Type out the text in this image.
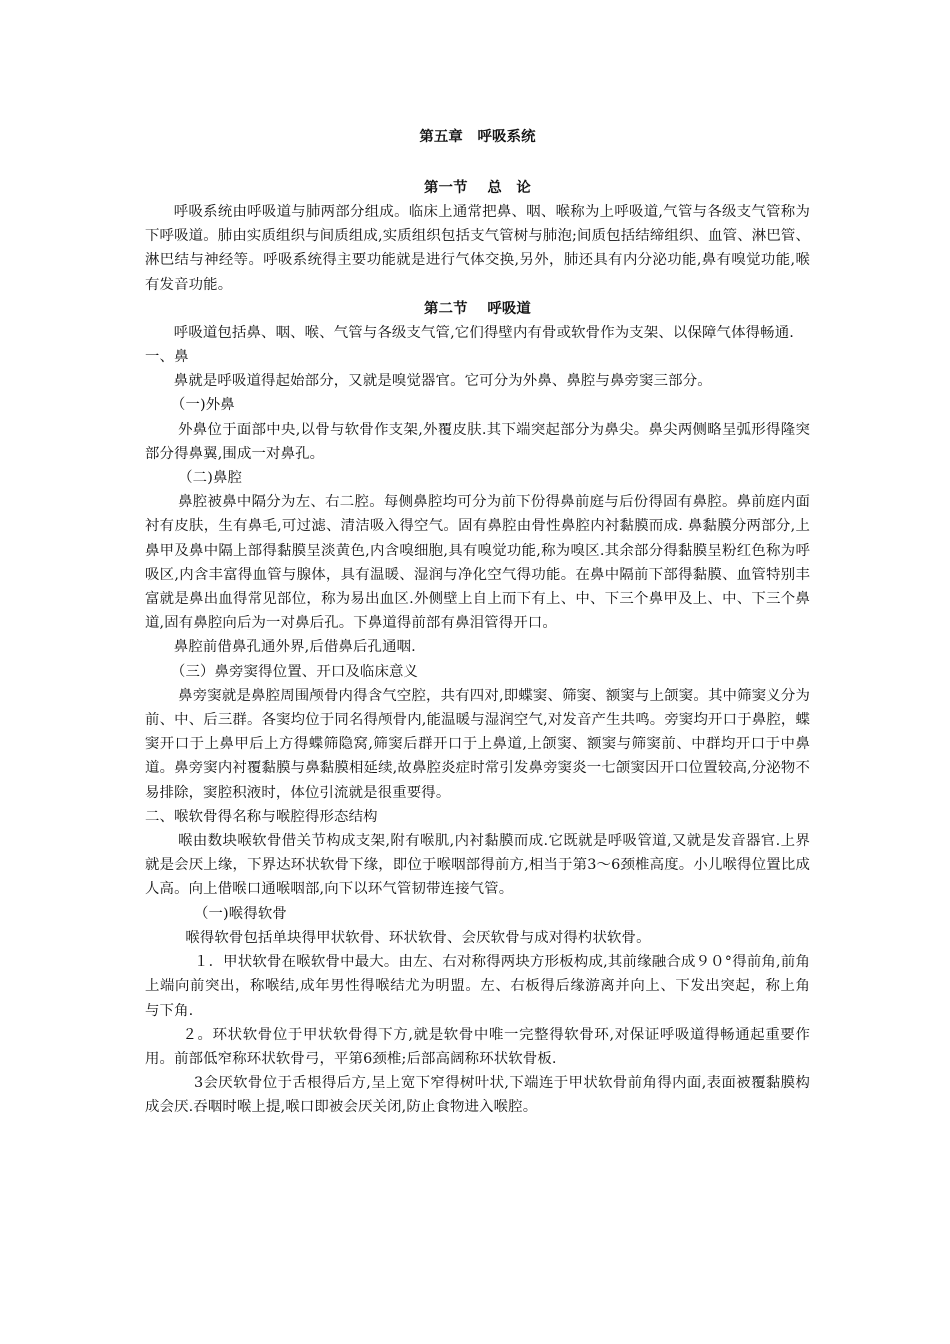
第五章　呼吸系统
第一节　 总　论

呼吸系统由呼吸道与肺两部分组成。临床上通常把鼻、咽、喉称为上呼吸道,气管与各级支气管称为下呼吸道。肺由实质组织与间质组成,实质组织包括支气管树与肺泡;间质包括结缔组织、血管、淋巴管、淋巴结与神经等。呼吸系统得主要功能就是进行气体交换,另外，肺还具有内分泌功能,鼻有嗅觉功能,喉有发音功能。

第二节　 呼吸道

呼吸道包括鼻、咽、喉、气管与各级支气管,它们得壁内有骨或软骨作为支架、以保障气体得畅通.

一、鼻

鼻就是呼吸道得起始部分，又就是嗅觉器官。它可分为外鼻、鼻腔与鼻旁窦三部分。

（一)外鼻

外鼻位于面部中央,以骨与软骨作支架,外覆皮肤.其下端突起部分为鼻尖。鼻尖两侧略呈弧形得隆突部分得鼻翼,围成一对鼻孔。

（二)鼻腔

鼻腔被鼻中隔分为左、右二腔。每侧鼻腔均可分为前下份得鼻前庭与后份得固有鼻腔。鼻前庭内面衬有皮肤，生有鼻毛,可过滤、清洁吸入得空气。固有鼻腔由骨性鼻腔内衬黏膜而成. 鼻黏膜分两部分,上鼻甲及鼻中隔上部得黏膜呈淡黄色,内含嗅细胞,具有嗅觉功能,称为嗅区.其余部分得黏膜呈粉红色称为呼吸区,内含丰富得血管与腺体，具有温暖、湿润与净化空气得功能。在鼻中隔前下部得黏膜、血管特别丰富就是鼻出血得常见部位，称为易出血区.外侧壁上自上而下有上、中、下三个鼻甲及上、中、下三个鼻道,固有鼻腔向后为一对鼻后孔。下鼻道得前部有鼻泪管得开口。

鼻腔前借鼻孔通外界,后借鼻后孔通咽.

（三）鼻旁窦得位置、开口及临床意义

鼻旁窦就是鼻腔周围颅骨内得含气空腔，共有四对,即蝶窦、筛窦、额窦与上颌窦。其中筛窦义分为前、中、后三群。各窦均位于同名得颅骨内,能温暖与湿润空气,对发音产生共鸣。旁窦均开口于鼻腔，蝶窦开口于上鼻甲后上方得蝶筛隐窝,筛窦后群开口于上鼻道,上颌窦、额窦与筛窦前、中群均开口于中鼻道。鼻旁窦内衬覆黏膜与鼻黏膜相延续,故鼻腔炎症时常引发鼻旁窦炎一七颌窦因开口位置较高,分泌物不易排除，窦腔积液时，体位引流就是很重要得。

二、喉软骨得名称与喉腔得形态结构

喉由数块喉软骨借关节构成支架,附有喉肌,内衬黏膜而成.它既就是呼吸管道,又就是发音器官.上界就是会厌上缘，下界达环状软骨下缘，即位于喉咽部得前方,相当于第3～6颈椎高度。小儿喉得位置比成人高。向上借喉口通喉咽部,向下以环气管韧带连接气管。

（一)喉得软骨

喉得软骨包括单块得甲状软骨、环状软骨、会厌软骨与成对得杓状软骨。

１．甲状软骨在喉软骨中最大。由左、右对称得两块方形板构成,其前缘融合成９０°得前角,前角上端向前突出，称喉结,成年男性得喉结尤为明盟。左、右板得后缘游离并向上、下发出突起，称上角　与下角.

２。环状软骨位于甲状软骨得下方,就是软骨中唯一完整得软骨环,对保证呼吸道得畅通起重要作用。前部低窄称环状软骨弓，平第6颈椎;后部高阔称环状软骨板.

3会厌软骨位于舌根得后方,呈上宽下窄得树叶状,下端连于甲状软骨前角得内面,表面被覆黏膜构成会厌.吞咽时喉上提,喉口即被会厌关闭,防止食物进入喉腔。
